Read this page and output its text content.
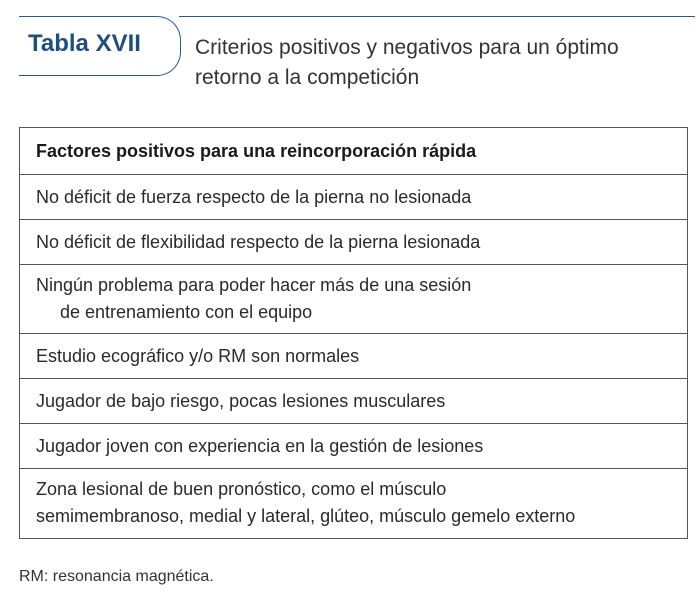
Tabla XVII	Criterios positivos y negativos para un óptimo
retorno a la competición
Factores positivos para una reincorporación rápida
No déficit de fuerza respecto de la pierna no lesionada
No déficit de flexibilidad respecto de la pierna lesionada
Ningún problema para poder hacer más de una sesión
de entrenamiento con el equipo
Estudio ecográfico y/o RM son normales
Jugador de bajo riesgo, pocas lesiones musculares
Jugador joven con experiencia en la gestión de lesiones
Zona lesional de buen pronóstico, como el músculo
semimembranoso, medial y lateral, glúteo, músculo gemelo externo
RM: resonancia magnética.
